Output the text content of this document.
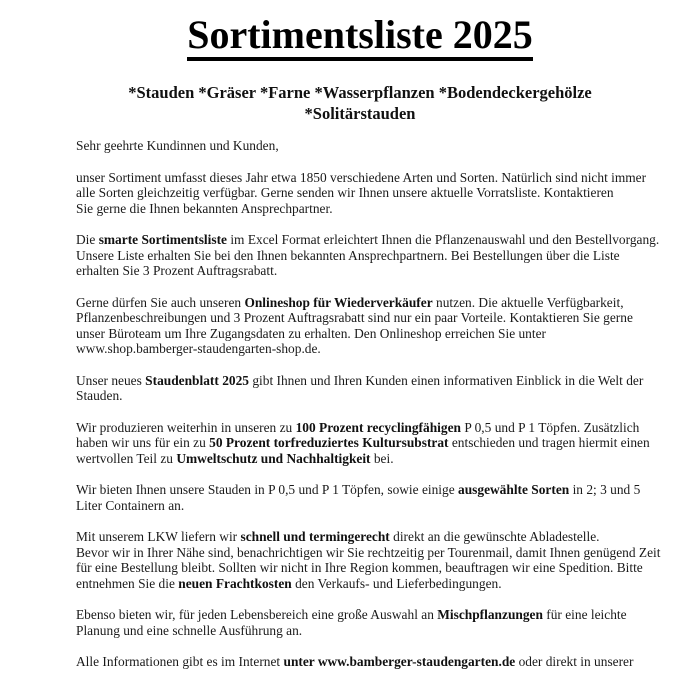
Sortimentsliste 2025
*Stauden *Gräser *Farne *Wasserpflanzen *Bodendeckergehölze
*Solitärstauden

Sehr geehrte Kundinnen und Kunden,

unser Sortiment umfasst dieses Jahr etwa 1850 verschiedene Arten und Sorten. Natürlich sind nicht immer
alle Sorten gleichzeitig verfügbar. Gerne senden wir Ihnen unsere aktuelle Vorratsliste. Kontaktieren
Sie gerne die Ihnen bekannten Ansprechpartner.

Die smarte Sortimentsliste im Excel Format erleichtert Ihnen die Pflanzenauswahl und den Bestellvorgang.
Unsere Liste erhalten Sie bei den Ihnen bekannten Ansprechpartnern. Bei Bestellungen über die Liste
erhalten Sie 3 Prozent Auftragsrabatt.

Gerne dürfen Sie auch unseren Onlineshop für Wiederverkäufer nutzen. Die aktuelle Verfügbarkeit,
Pflanzenbeschreibungen und 3 Prozent Auftragsrabatt sind nur ein paar Vorteile. Kontaktieren Sie gerne
unser Büroteam um Ihre Zugangsdaten zu erhalten. Den Onlineshop erreichen Sie unter
www.shop.bamberger-staudengarten-shop.de.

Unser neues Staudenblatt 2025 gibt Ihnen und Ihren Kunden einen informativen Einblick in die Welt der
Stauden.

Wir produzieren weiterhin in unseren zu 100 Prozent recyclingfähigen P 0,5 und P 1 Töpfen. Zusätzlich
haben wir uns für ein zu 50 Prozent torfreduziertes Kultursubstrat entschieden und tragen hiermit einen
wertvollen Teil zu Umweltschutz und Nachhaltigkeit bei.

Wir bieten Ihnen unsere Stauden in P 0,5 und P 1 Töpfen, sowie einige ausgewählte Sorten in 2; 3 und 5
Liter Containern an.

Mit unserem LKW liefern wir schnell und termingerecht direkt an die gewünschte Abladestelle.
Bevor wir in Ihrer Nähe sind, benachrichtigen wir Sie rechtzeitig per Tourenmail, damit Ihnen genügend Zeit
für eine Bestellung bleibt. Sollten wir nicht in Ihre Region kommen, beauftragen wir eine Spedition. Bitte
entnehmen Sie die neuen Frachtkosten den Verkaufs- und Lieferbedingungen.

Ebenso bieten wir, für jeden Lebensbereich eine große Auswahl an Mischpflanzungen für eine leichte
Planung und eine schnelle Ausführung an.

Alle Informationen gibt es im Internet unter www.bamberger-staudengarten.de oder direkt in unserer
